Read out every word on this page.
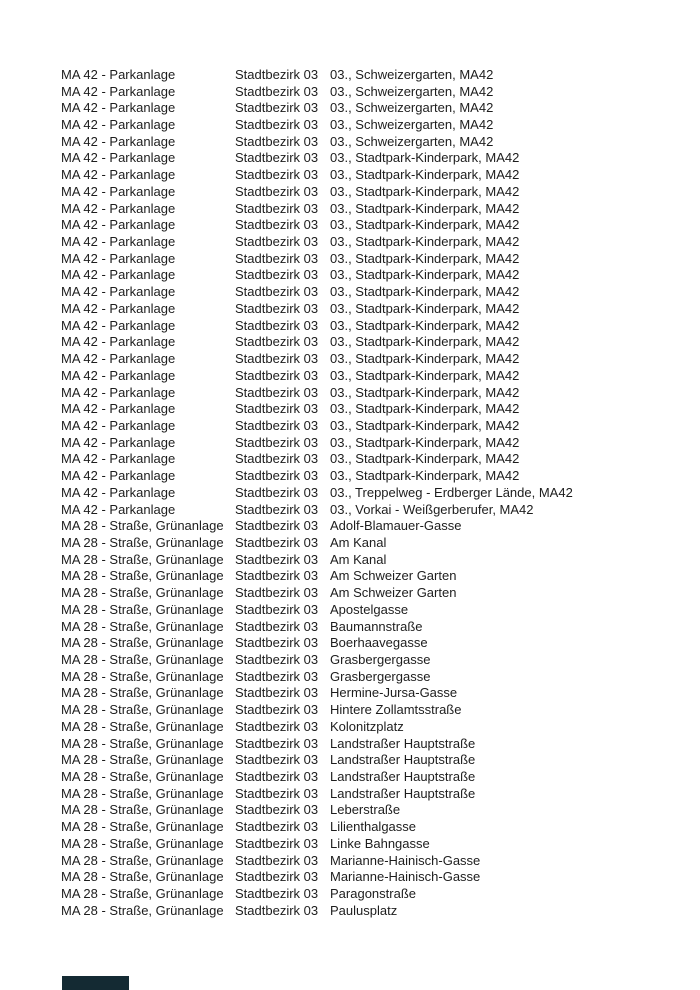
MA 42 - Parkanlage	Stadtbezirk 03 03., Schweizergarten, MA42
MA 42 - Parkanlage	Stadtbezirk 03 03., Schweizergarten, MA42
MA 42 - Parkanlage	Stadtbezirk 03 03., Schweizergarten, MA42
MA 42 - Parkanlage	Stadtbezirk 03 03., Schweizergarten, MA42
MA 42 - Parkanlage	Stadtbezirk 03 03., Schweizergarten, MA42
MA 42 - Parkanlage	Stadtbezirk 03 03., Stadtpark-Kinderpark, MA42
MA 42 - Parkanlage	Stadtbezirk 03 03., Stadtpark-Kinderpark, MA42
MA 42 - Parkanlage	Stadtbezirk 03 03., Stadtpark-Kinderpark, MA42
MA 42 - Parkanlage	Stadtbezirk 03 03., Stadtpark-Kinderpark, MA42
MA 42 - Parkanlage	Stadtbezirk 03 03., Stadtpark-Kinderpark, MA42
MA 42 - Parkanlage	Stadtbezirk 03 03., Stadtpark-Kinderpark, MA42
MA 42 - Parkanlage	Stadtbezirk 03 03., Stadtpark-Kinderpark, MA42
MA 42 - Parkanlage	Stadtbezirk 03 03., Stadtpark-Kinderpark, MA42
MA 42 - Parkanlage	Stadtbezirk 03 03., Stadtpark-Kinderpark, MA42
MA 42 - Parkanlage	Stadtbezirk 03 03., Stadtpark-Kinderpark, MA42
MA 42 - Parkanlage	Stadtbezirk 03 03., Stadtpark-Kinderpark, MA42
MA 42 - Parkanlage	Stadtbezirk 03 03., Stadtpark-Kinderpark, MA42
MA 42 - Parkanlage	Stadtbezirk 03 03., Stadtpark-Kinderpark, MA42
MA 42 - Parkanlage	Stadtbezirk 03 03., Stadtpark-Kinderpark, MA42
MA 42 - Parkanlage	Stadtbezirk 03 03., Stadtpark-Kinderpark, MA42
MA 42 - Parkanlage	Stadtbezirk 03 03., Stadtpark-Kinderpark, MA42
MA 42 - Parkanlage	Stadtbezirk 03 03., Stadtpark-Kinderpark, MA42
MA 42 - Parkanlage	Stadtbezirk 03 03., Stadtpark-Kinderpark, MA42
MA 42 - Parkanlage	Stadtbezirk 03 03., Stadtpark-Kinderpark, MA42
MA 42 - Parkanlage	Stadtbezirk 03 03., Stadtpark-Kinderpark, MA42
MA 42 - Parkanlage	Stadtbezirk 03 03., Treppelweg - Erdberger Lände, MA42
MA 42 - Parkanlage	Stadtbezirk 03 03., Vorkai - Weißgerberufer, MA42
MA 28 - Straße, Grünanlage Stadtbezirk 03 Adolf-Blamauer-Gasse
MA 28 - Straße, Grünanlage Stadtbezirk 03 Am Kanal
MA 28 - Straße, Grünanlage Stadtbezirk 03 Am Kanal
MA 28 - Straße, Grünanlage Stadtbezirk 03 Am Schweizer Garten
MA 28 - Straße, Grünanlage Stadtbezirk 03 Am Schweizer Garten
MA 28 - Straße, Grünanlage Stadtbezirk 03 Apostelgasse
MA 28 - Straße, Grünanlage Stadtbezirk 03 Baumannstraße
MA 28 - Straße, Grünanlage Stadtbezirk 03 Boerhaavegasse
MA 28 - Straße, Grünanlage Stadtbezirk 03 Grasbergergasse
MA 28 - Straße, Grünanlage Stadtbezirk 03 Grasbergergasse
MA 28 - Straße, Grünanlage Stadtbezirk 03 Hermine-Jursa-Gasse
MA 28 - Straße, Grünanlage Stadtbezirk 03 Hintere Zollamtsstraße
MA 28 - Straße, Grünanlage Stadtbezirk 03 Kolonitzplatz
MA 28 - Straße, Grünanlage Stadtbezirk 03 Landstraßer Hauptstraße
MA 28 - Straße, Grünanlage Stadtbezirk 03 Landstraßer Hauptstraße
MA 28 - Straße, Grünanlage Stadtbezirk 03 Landstraßer Hauptstraße
MA 28 - Straße, Grünanlage Stadtbezirk 03 Landstraßer Hauptstraße
MA 28 - Straße, Grünanlage Stadtbezirk 03 Leberstraße
MA 28 - Straße, Grünanlage Stadtbezirk 03 Lilienthalgasse
MA 28 - Straße, Grünanlage Stadtbezirk 03 Linke Bahngasse
MA 28 - Straße, Grünanlage Stadtbezirk 03 Marianne-Hainisch-Gasse
MA 28 - Straße, Grünanlage Stadtbezirk 03 Marianne-Hainisch-Gasse
MA 28 - Straße, Grünanlage Stadtbezirk 03 Paragonstraße
MA 28 - Straße, Grünanlage Stadtbezirk 03 Paulusplatz
